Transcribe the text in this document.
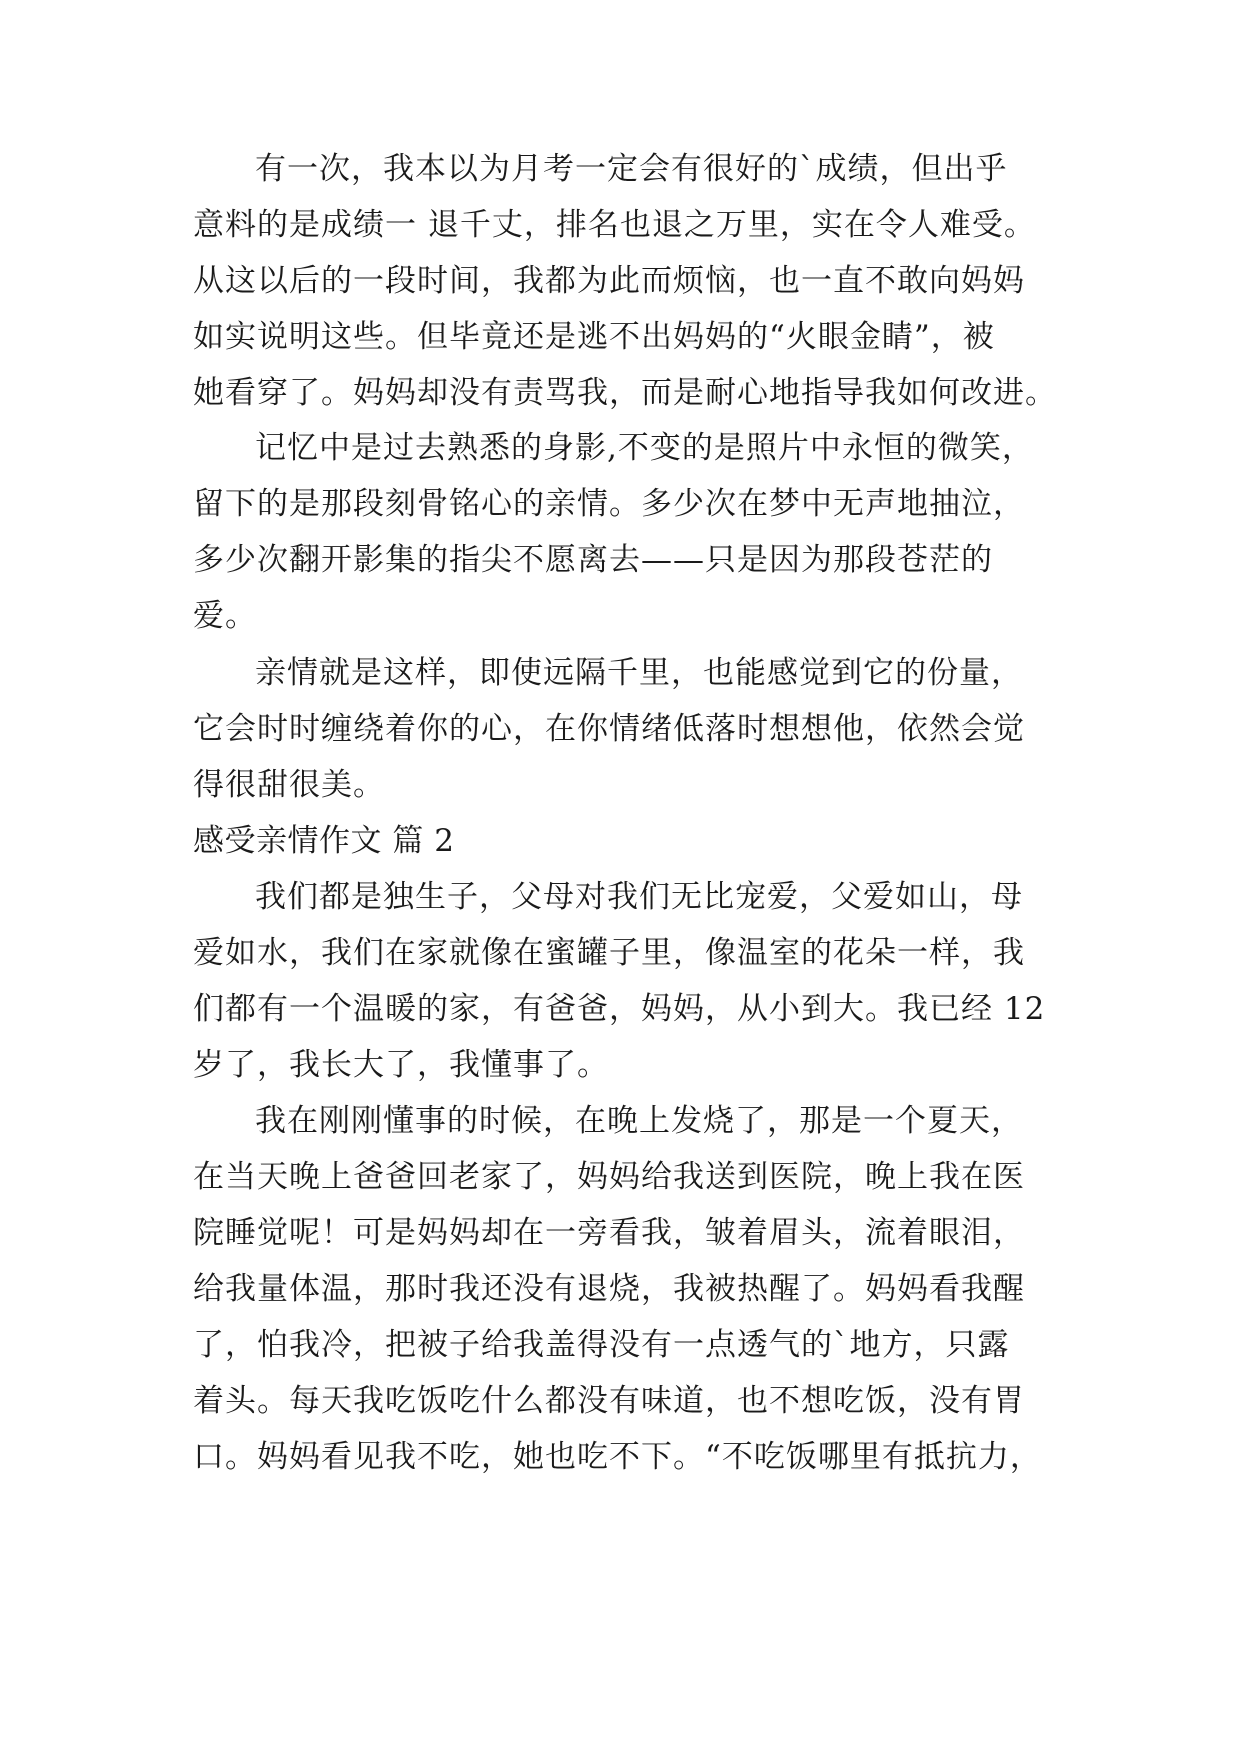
有一次，我本以为月考一定会有很好的`成绩，但出乎
意料的是成绩一 退千丈，排名也退之万里，实在令人难受。
从这以后的一段时间，我都为此而烦恼，也一直不敢向妈妈
如实说明这些。但毕竟还是逃不出妈妈的“火眼金睛”，被
她看穿了。妈妈却没有责骂我，而是耐心地指导我如何改进。
记忆中是过去熟悉的身影,不变的是照片中永恒的微笑，
留下的是那段刻骨铭心的亲情。多少次在梦中无声地抽泣，
多少次翻开影集的指尖不愿离去——只是因为那段苍茫的
爱。
亲情就是这样，即使远隔千里，也能感觉到它的份量，
它会时时缠绕着你的心，在你情绪低落时想想他，依然会觉
得很甜很美。
感受亲情作文 篇 2
我们都是独生子，父母对我们无比宠爱，父爱如山，母
爱如水，我们在家就像在蜜罐子里，像温室的花朵一样，我
们都有一个温暖的家，有爸爸，妈妈，从小到大。我已经 12
岁了，我长大了，我懂事了。
我在刚刚懂事的时候，在晚上发烧了，那是一个夏天，
在当天晚上爸爸回老家了，妈妈给我送到医院，晚上我在医
院睡觉呢！可是妈妈却在一旁看我，皱着眉头，流着眼泪，
给我量体温，那时我还没有退烧，我被热醒了。妈妈看我醒
了，怕我冷，把被子给我盖得没有一点透气的`地方，只露
着头。每天我吃饭吃什么都没有味道，也不想吃饭，没有胃
口。妈妈看见我不吃，她也吃不下。“不吃饭哪里有抵抗力，
